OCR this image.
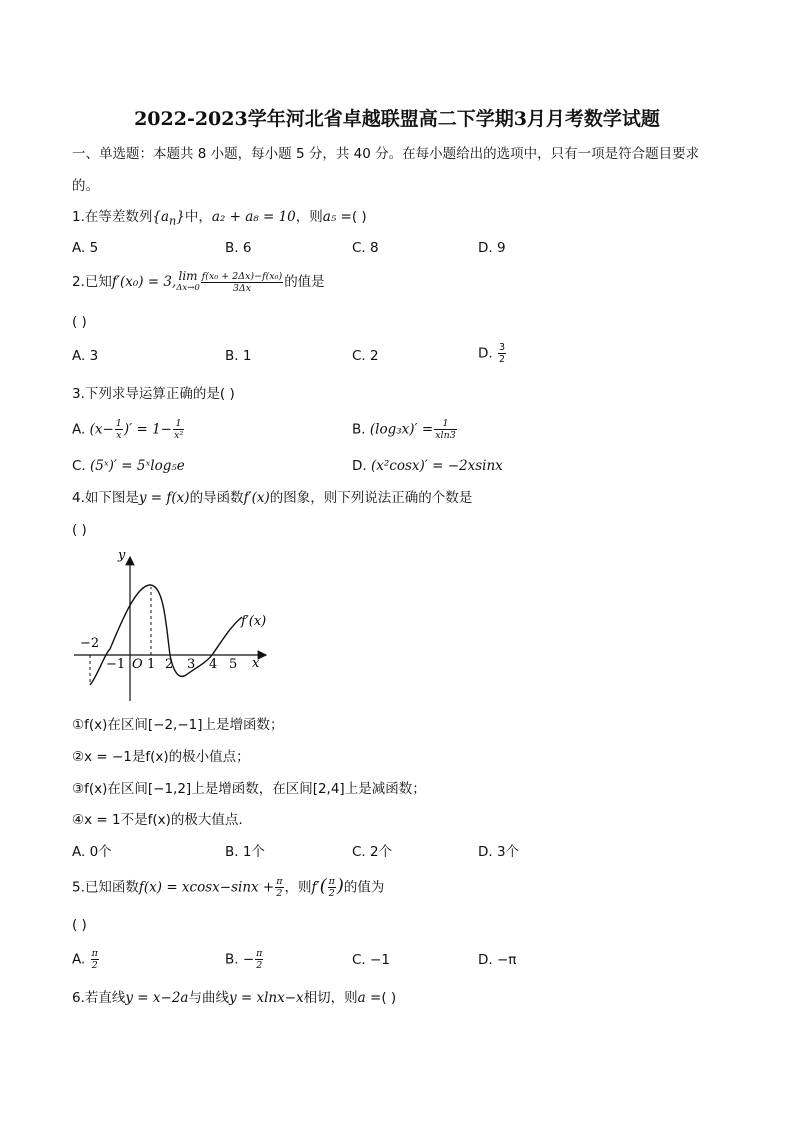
2022-2023学年河北省卓越联盟高二下学期3月月考数学试题
一、单选题：本题共 8 小题，每小题 5 分，共 40 分。在每小题给出的选项中，只有一项是符合题目要求
的。
1.在等差数列$\{a_n\}$中，a₂ + a₈ = 10，则a₅ =( )
A. 5	B. 6	C. 8	D. 9
2.已知f′(x₀) = 3, lim
$\Delta x\to 0 \frac{\text{f(x₀ + 2Δx)−f(x₀)}}{3\Delta x}$ 的值是
( )
A. 3	B. 1	C. 2	D. $\frac{3}{2}$
3.下列求导运算正确的是( )
A. ($x- \frac{1}{x}$ )′ = $1- \frac{1}{\text{x²}}$	B. $(\log_3x)' = \frac{1}{xln3}$
C. (5ˣ)′ = 5ˣlog₅e	D. (x²cosx)′ = −2xsinx
4.如下图是y = f(x)的导函数f′(x)的图象，则下列说法正确的个数是
( )
y
x
O
f′(x)
−2
−1 1 2 3 4 5
①f(x)在区间[−2,−1]上是增函数；
②x = −1是f(x)的极小值点；
③f(x)在区间[−1,2]上是增函数，在区间[2,4]上是减函数；
④x = 1不是f(x)的极大值点.
A. 0个	B. 1个	C. 2个	D. 3个
5.已知函数$f(x) = xcosx-\sin x + \frac{\pi}{2}$ ，则$f'( \frac{\pi}{2}$ )的值为
( )
A. $\frac{\pi}{2}$	B. − $\frac{\pi}{2}$	C. −1	D. −π
6.若直线y = x−2a与曲线y = xlnx−x相切，则a =( )
